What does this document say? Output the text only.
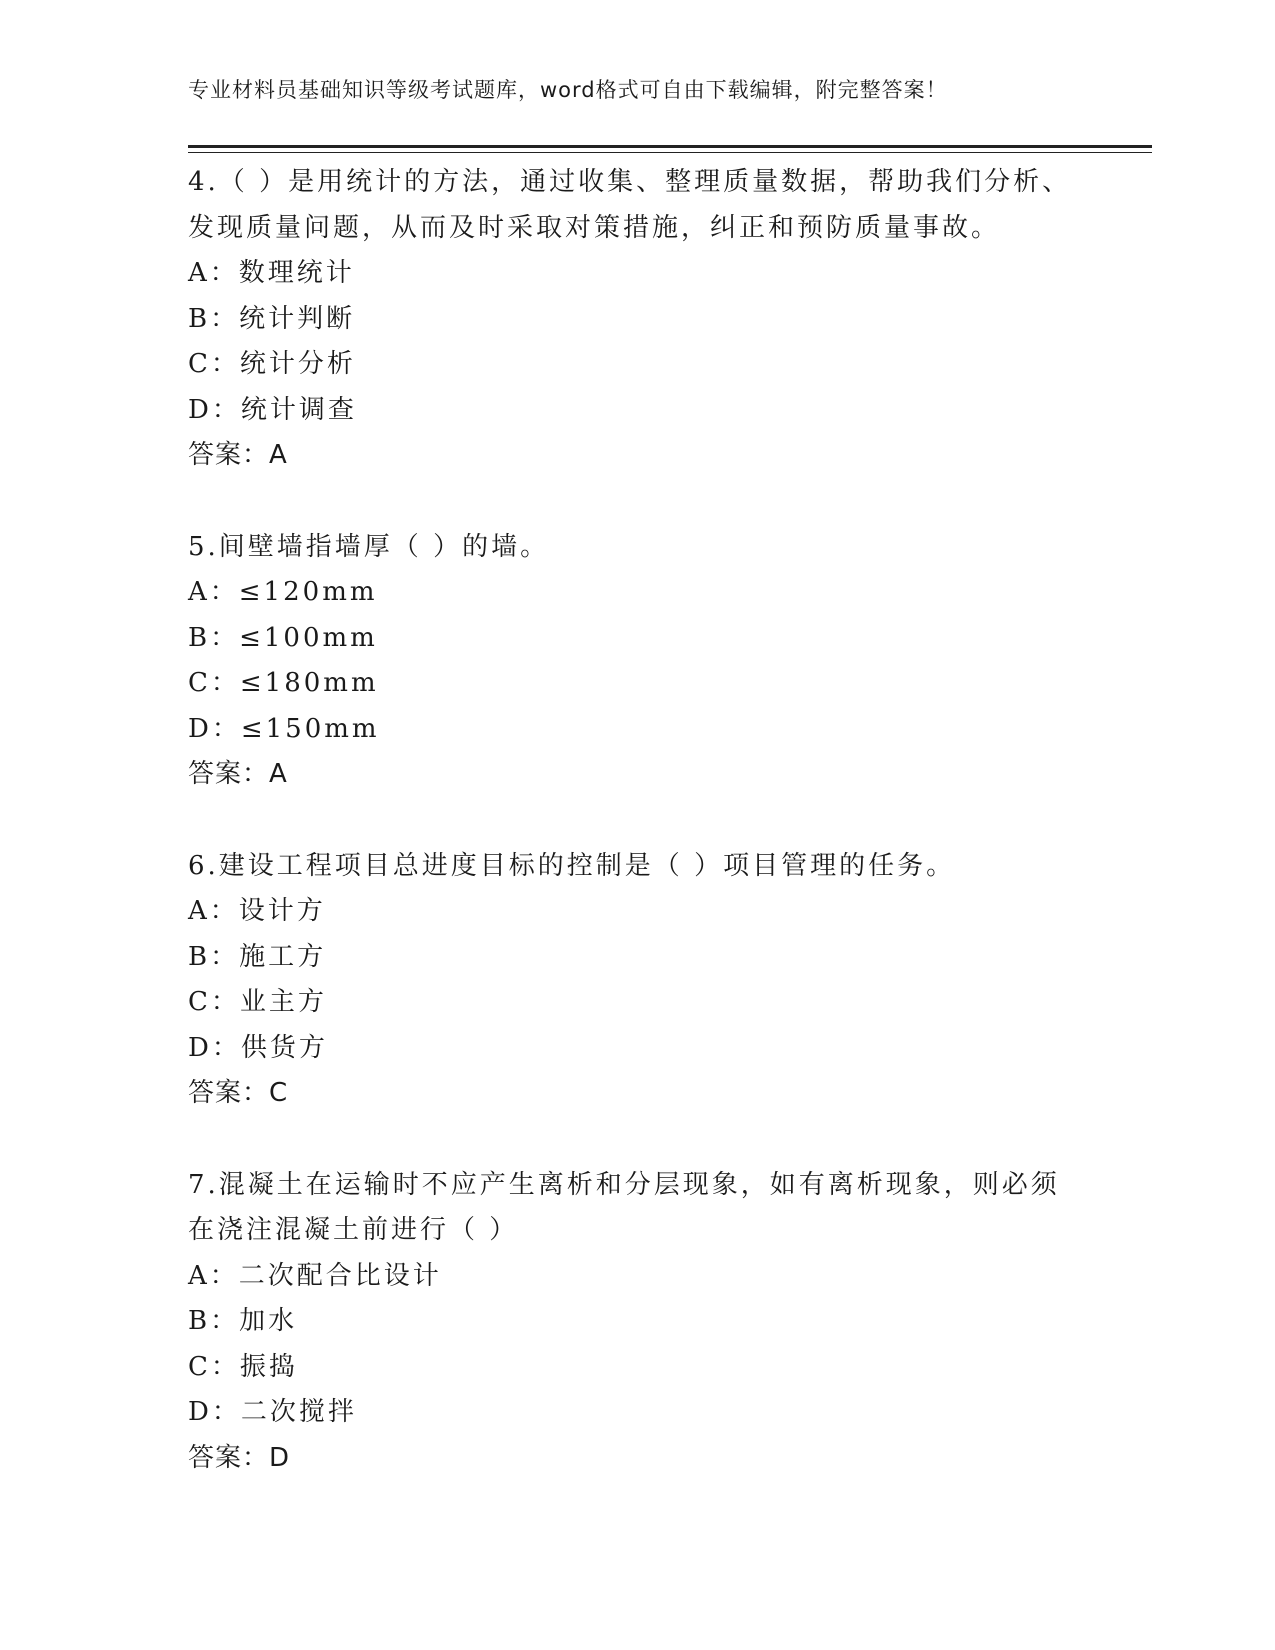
专业材料员基础知识等级考试题库，word格式可自由下载编辑，附完整答案！
4.（ ）是用统计的方法，通过收集、整理质量数据，帮助我们分析、
发现质量问题，从而及时采取对策措施，纠正和预防质量事故。
A：数理统计
B：统计判断
C：统计分析
D：统计调查
答案：A
5.间壁墙指墙厚（ ）的墙。
A：≤120mm
B：≤100mm
C：≤180mm
D：≤150mm
答案：A
6.建设工程项目总进度目标的控制是（ ）项目管理的任务。
A：设计方
B：施工方
C：业主方
D：供货方
答案：C
7.混凝土在运输时不应产生离析和分层现象，如有离析现象，则必须
在浇注混凝土前进行（ ）
A：二次配合比设计
B：加水
C：振捣
D：二次搅拌
答案：D
